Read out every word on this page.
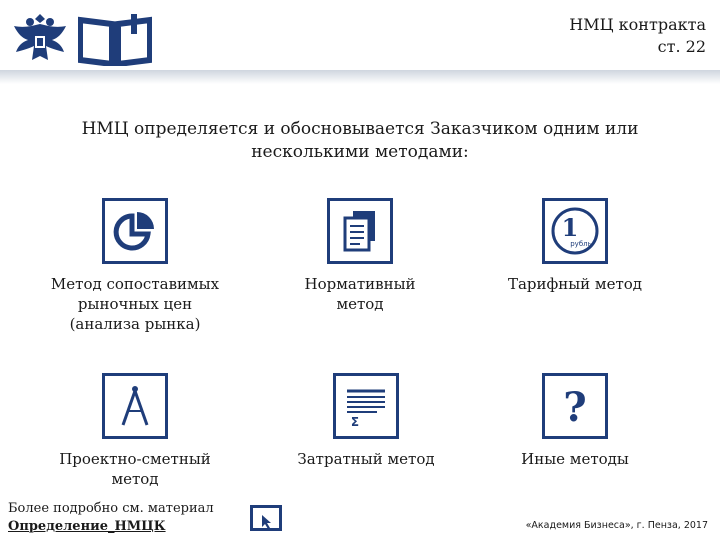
НМЦ контракта
ст. 22
НМЦ определяется и обосновывается Заказчиком одним или
несколькими методами:
Метод сопоставимых
рыночных цен
(анализа рынка)
Нормативный
метод
1
рубль
Тарифный метод
Проектно-сметный
метод
Σ
Затратный метод
?
Иные методы
Более подробно см. материал
Определение_НМЦК	«Академия Бизнеса», г. Пенза, 2017
